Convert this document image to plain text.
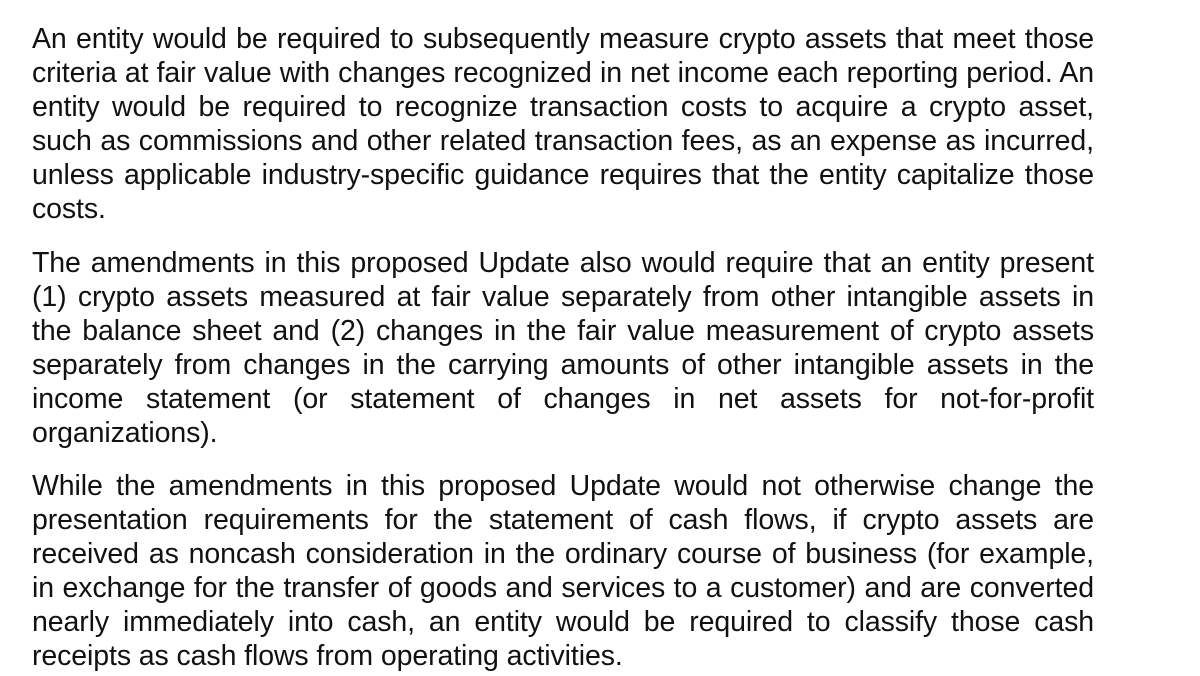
An entity would be required to subsequently measure crypto assets that meet those criteria at fair value with changes recognized in net income each reporting period. An entity would be required to recognize transaction costs to acquire a crypto asset, such as commissions and other related transaction fees, as an expense as incurred, unless applicable industry-specific guidance requires that the entity capitalize those costs.

The amendments in this proposed Update also would require that an entity present (1) crypto assets measured at fair value separately from other intangible assets in the balance sheet and (2) changes in the fair value measurement of crypto assets separately from changes in the carrying amounts of other intangible assets in the income statement (or statement of changes in net assets for not-for-profit organizations).

While the amendments in this proposed Update would not otherwise change the presentation requirements for the statement of cash flows, if crypto assets are received as noncash consideration in the ordinary course of business (for example, in exchange for the transfer of goods and services to a customer) and are converted nearly immediately into cash, an entity would be required to classify those cash receipts as cash flows from operating activities.
